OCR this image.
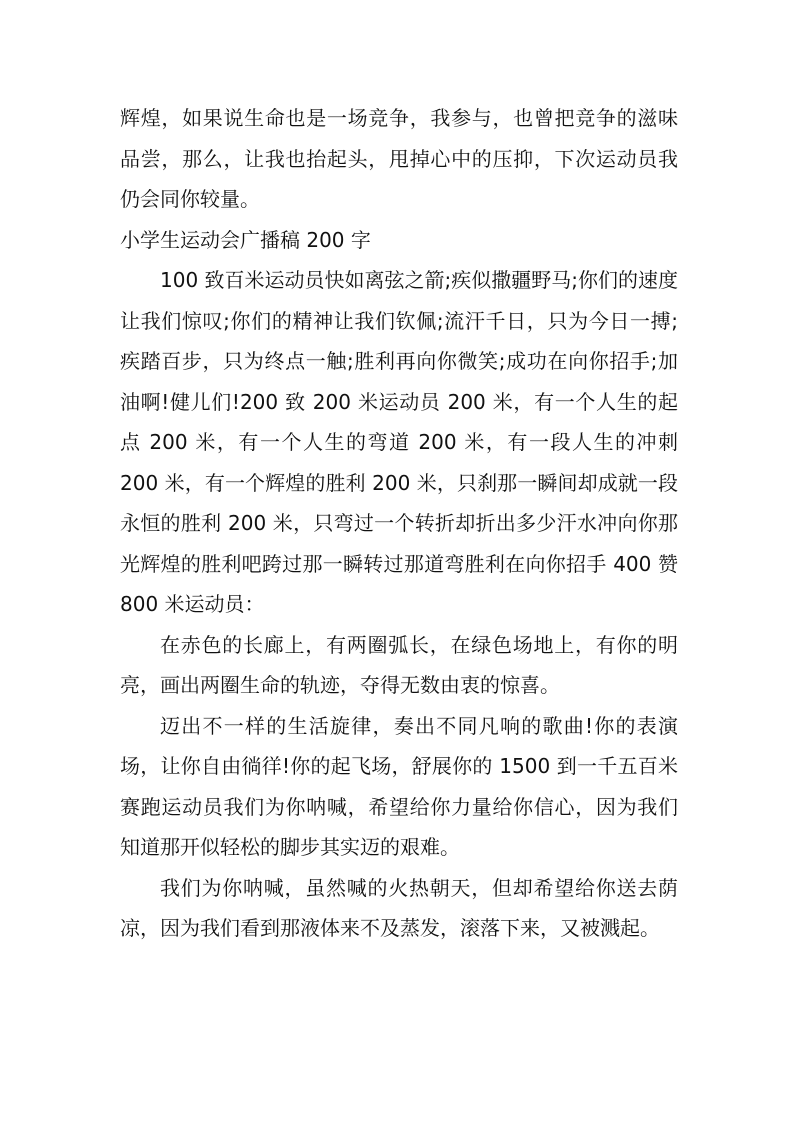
辉煌，如果说生命也是一场竞争，我参与，也曾把竞争的滋味品尝，那么，让我也抬起头，甩掉心中的压抑，下次运动员我仍会同你较量。

小学生运动会广播稿 200 字

100 致百米运动员快如离弦之箭;疾似撒疆野马;你们的速度让我们惊叹;你们的精神让我们钦佩;流汗千日，只为今日一搏;疾踏百步，只为终点一触;胜利再向你微笑;成功在向你招手;加油啊!健儿们!200 致 200 米运动员 200 米，有一个人生的起点 200 米，有一个人生的弯道 200 米，有一段人生的冲刺 200 米，有一个辉煌的胜利 200 米，只刹那一瞬间却成就一段永恒的胜利 200 米，只弯过一个转折却折出多少汗水冲向你那光辉煌的胜利吧跨过那一瞬转过那道弯胜利在向你招手 400 赞 800 米运动员：

在赤色的长廊上，有两圈弧长，在绿色场地上，有你的明亮，画出两圈生命的轨迹，夺得无数由衷的惊喜。

迈出不一样的生活旋律，奏出不同凡响的歌曲!你的表演场，让你自由徜徉!你的起飞场，舒展你的 1500 到一千五百米赛跑运动员我们为你呐喊，希望给你力量给你信心，因为我们知道那开似轻松的脚步其实迈的艰难。

我们为你呐喊，虽然喊的火热朝天，但却希望给你送去荫凉，因为我们看到那液体来不及蒸发，滚落下来，又被溅起。
